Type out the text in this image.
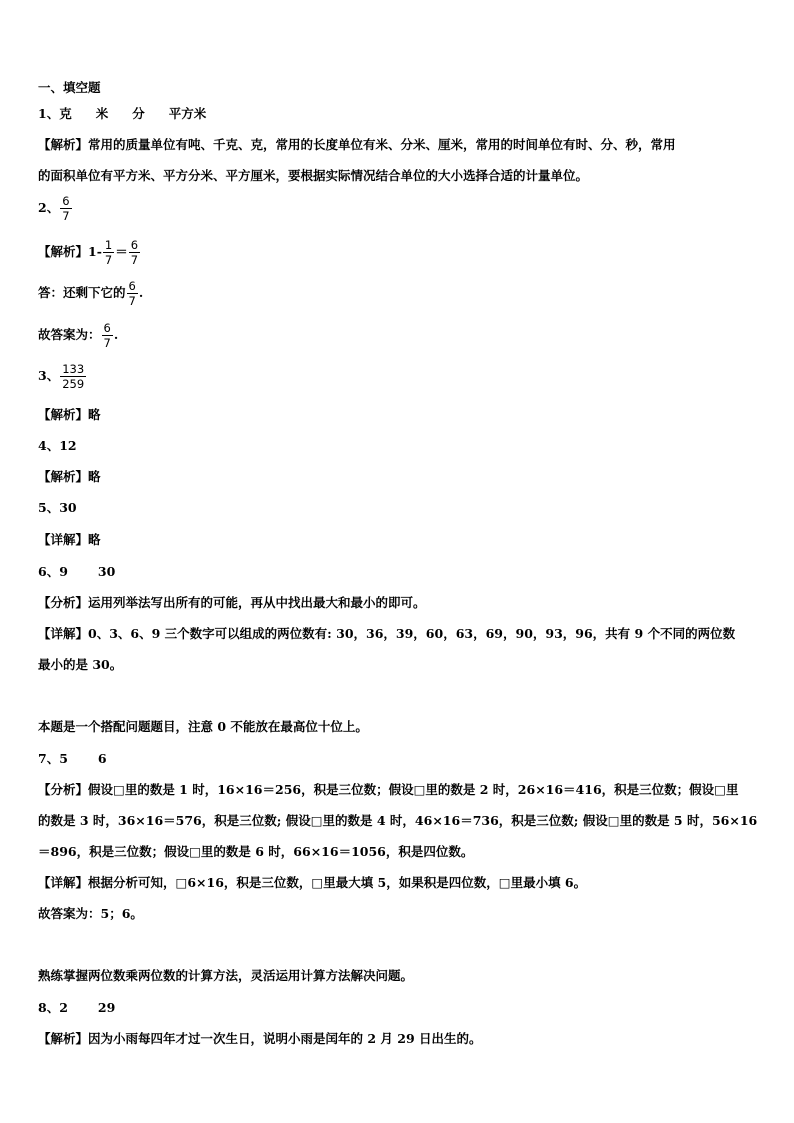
一、填空题
1、克 米 分 平方米
【解析】常用的质量单位有吨、千克、克，常用的长度单位有米、分米、厘米，常用的时间单位有时、分、秒，常用
的面积单位有平方米、平方分米、平方厘米，要根据实际情况结合单位的大小选择合适的计量单位。
2、 $\frac{6}{7}$
【解析】$1- \frac{1}{7} = \frac{6}{7}$
答：还剩下它的 $\frac{6}{7}$ .
故答案为： $\frac{6}{7}$ .
3、 $\frac{133}{259}$
【解析】略
4、12
【解析】略
5、30
【详解】略
6、9 30
【分析】运用列举法写出所有的可能，再从中找出最大和最小的即可。
【详解】0、3、6、9 三个数字可以组成的两位数有: 30，36，39，60，63，69，90，93，96，共有 9 个不同的两位数
最小的是 30。
本题是一个搭配问题题目，注意 0 不能放在最高位十位上。
7、5 6
【分析】假设□里的数是 1 时，16×16＝256，积是三位数；假设□里的数是 2 时，26×16＝416，积是三位数；假设□里
的数是 3 时，36×16＝576，积是三位数; 假设□里的数是 4 时，46×16＝736，积是三位数; 假设□里的数是 5 时，56×16
＝896，积是三位数；假设□里的数是 6 时，66×16＝1056，积是四位数。
【详解】根据分析可知，□6×16，积是三位数，□里最大填 5，如果积是四位数，□里最小填 6。
故答案为：5；6。
熟练掌握两位数乘两位数的计算方法，灵活运用计算方法解决问题。
8、2 29
【解析】因为小雨每四年才过一次生日，说明小雨是闰年的 2 月 29 日出生的。
